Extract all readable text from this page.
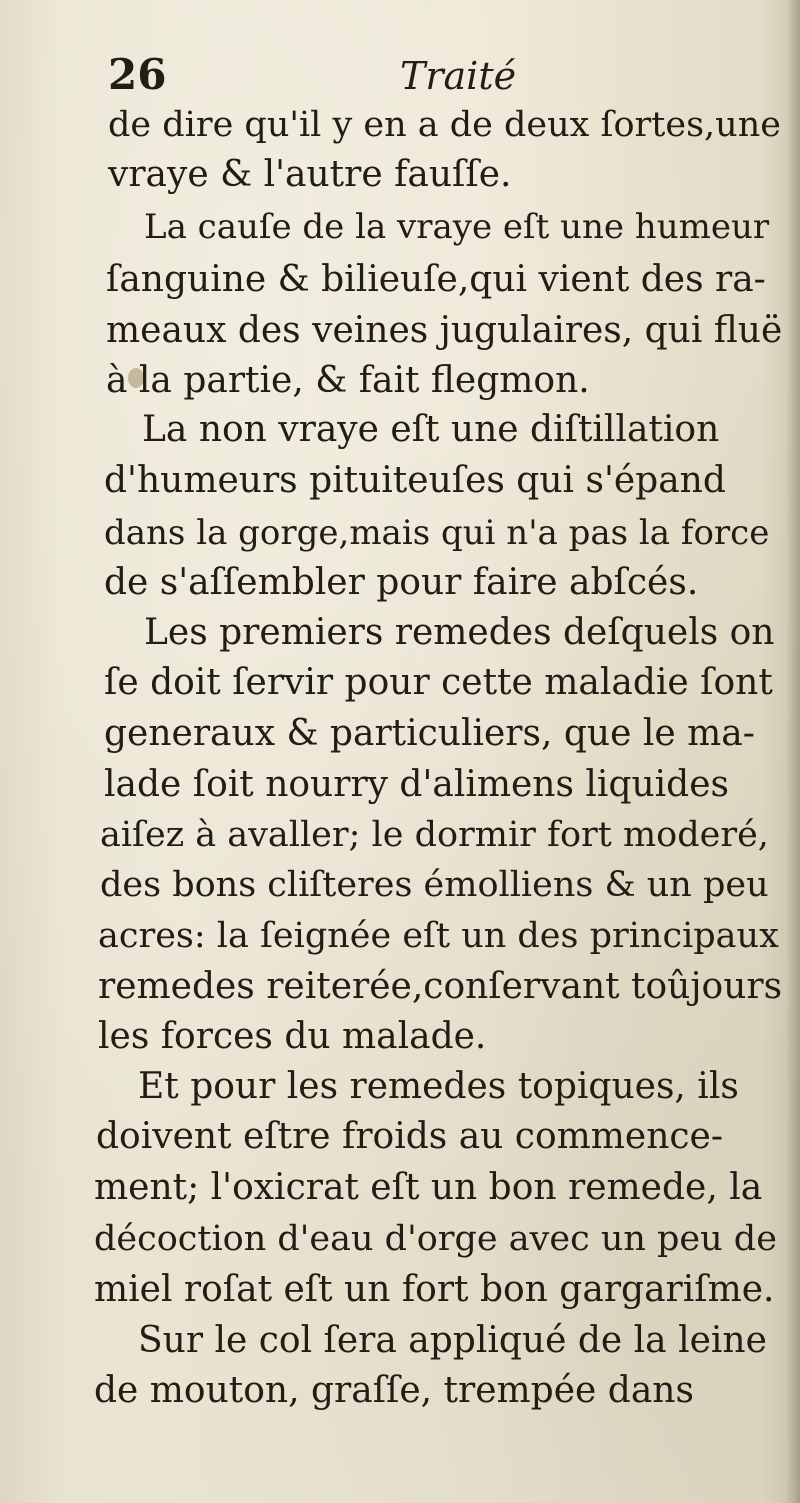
26	Traité
de dire qu'il y en a de deux ſortes,une
vraye & l'autre fauſſe.
La cauſe de la vraye eſt une humeur
ſanguine & bilieuſe,qui vient des ra-
meaux des veines jugulaires, qui fluë
à la partie, & fait flegmon.
La non vraye eſt une diſtillation
d'humeurs pituiteuſes qui s'épand
dans la gorge,mais qui n'a pas la force
de s'aſſembler pour faire abſcés.
Les premiers remedes deſquels on
ſe doit ſervir pour cette maladie ſont
generaux & particuliers, que le ma-
lade ſoit nourry d'alimens liquides
aiſez à avaller; le dormir fort moderé,
des bons cliſteres émolliens & un peu
acres: la ſeignée eſt un des principaux
remedes reiterée,conſervant toûjours
les forces du malade.
Et pour les remedes topiques, ils
doivent eſtre froids au commence-
ment; l'oxicrat eſt un bon remede, la
décoction d'eau d'orge avec un peu de
miel roſat eſt un fort bon gargariſme.
Sur le col ſera appliqué de la leine
de mouton, graſſe, trempée dans
